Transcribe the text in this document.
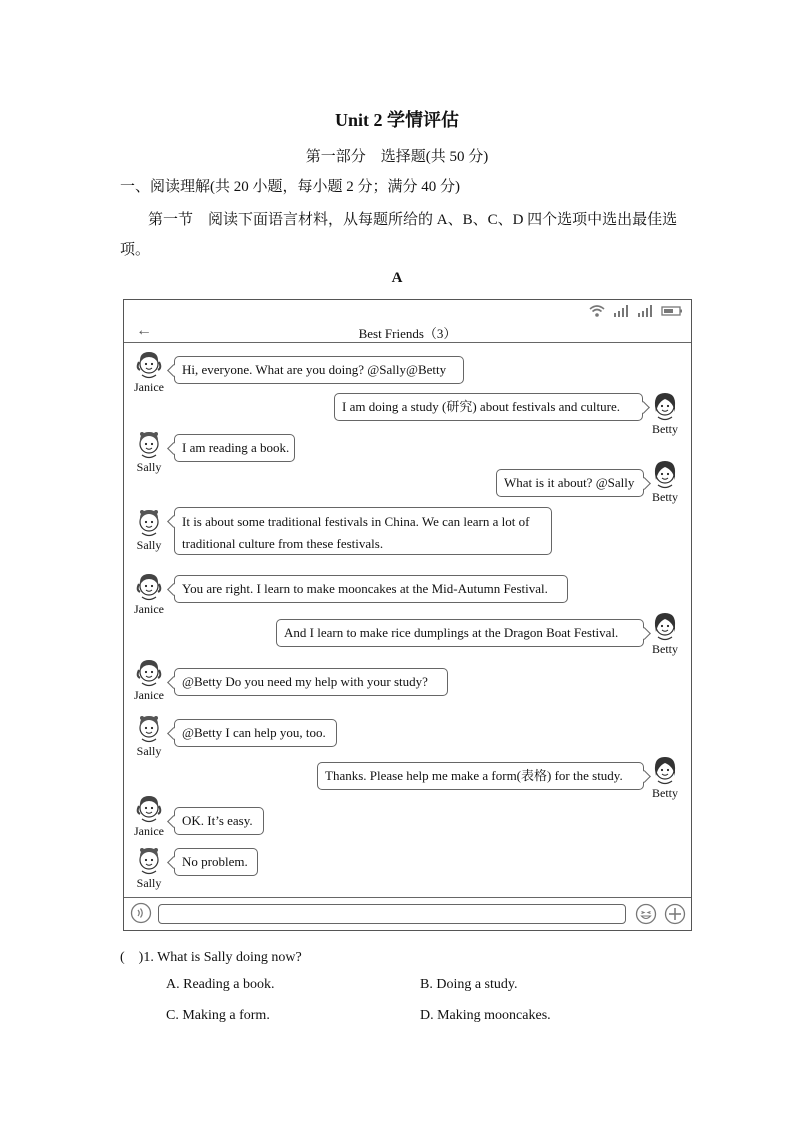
Unit 2 学情评估
第一部分　选择题(共 50 分)
一、阅读理解(共 20 小题，每小题 2 分；满分 40 分)
第一节　阅读下面语言材料，从每题所给的 A、B、C、D 四个选项中选出最佳选项。
A
←	Best Friends（3）
Hi, everyone. What are you doing? @Sally@Betty
Janice
I am doing a study (研究) about festivals and culture.
Betty
I am reading a book.
Sally
What is it about? @Sally
Betty
It is about some traditional festivals in China. We can learn a lot of traditional culture from these festivals.
Sally
You are right. I learn to make mooncakes at the Mid-Autumn Festival.
Janice
And I learn to make rice dumplings at the Dragon Boat Festival.
Betty
@Betty Do you need my help with your study?
Janice
@Betty I can help you, too.
Sally
Thanks. Please help me make a form(表格) for the study.
Betty
OK. It’s easy.
Janice
No problem.
Sally
(　)1. What is Sally doing now?
A. Reading a book.	B. Doing a study.
C. Making a form.	D. Making mooncakes.
